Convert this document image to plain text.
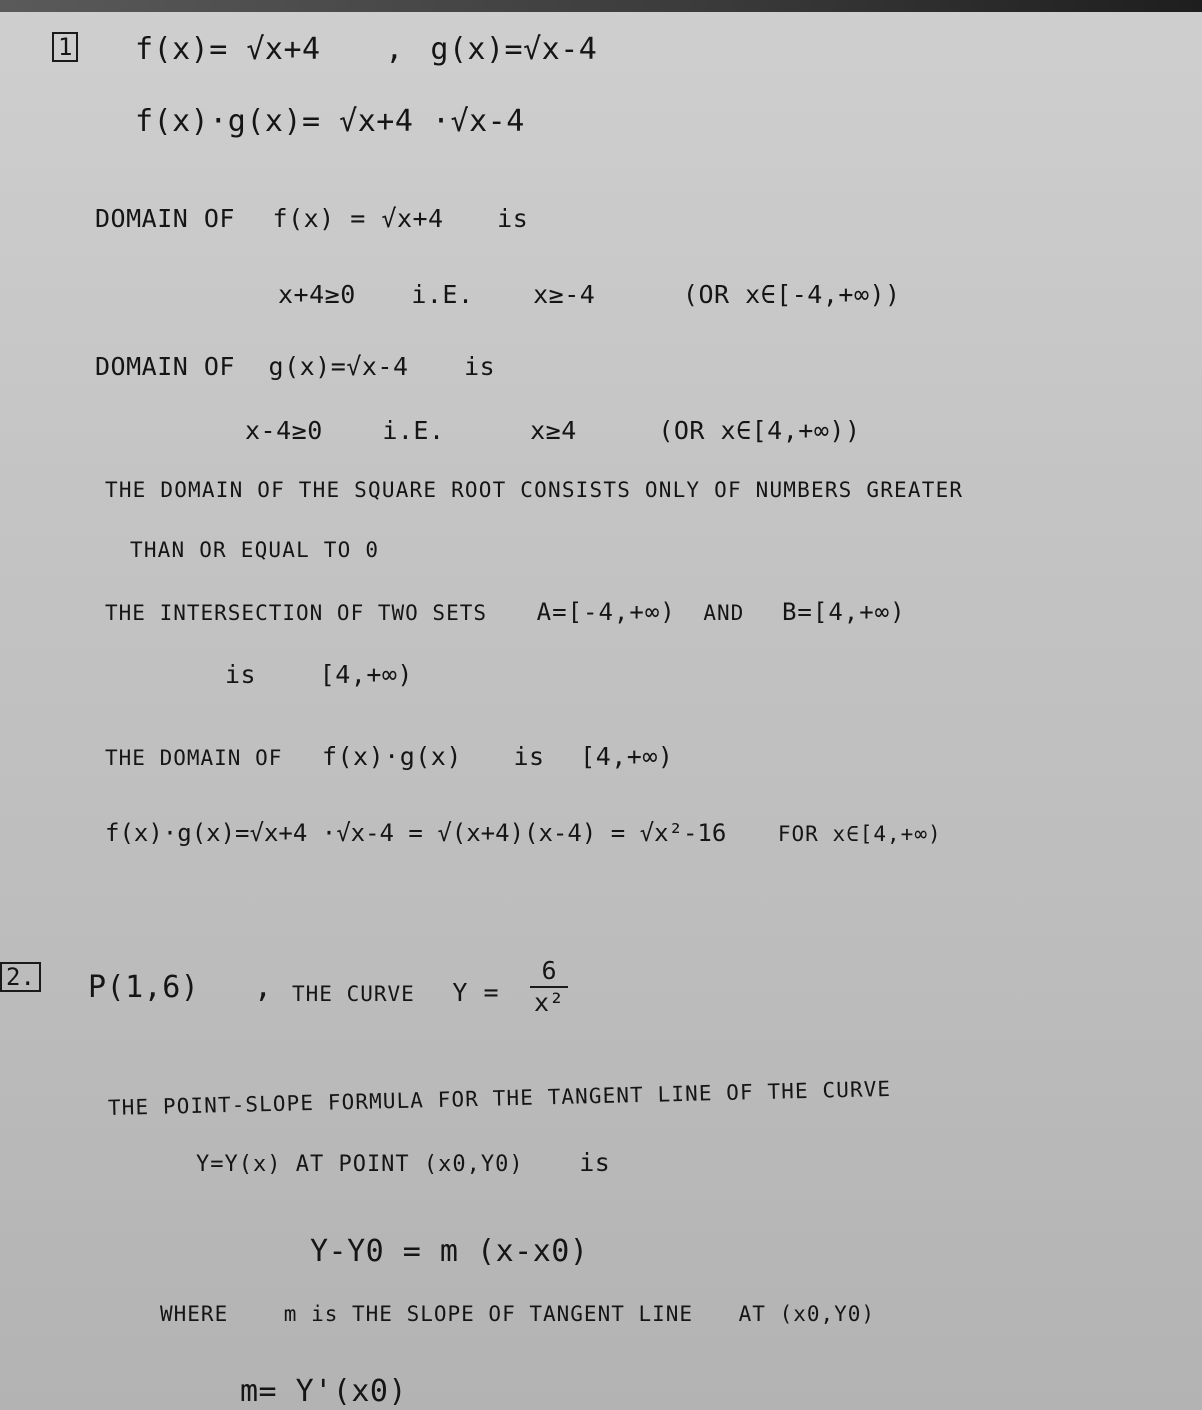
1 f(x)= √x+4 , g(x)=√x-4
f(x)·g(x)= √x+4 ·√x-4
DOMAIN OF f(x) = √x+4 is
x+4≥0 i.E. x≥-4	(OR x∈[-4,+∞))
DOMAIN OF g(x)=√x-4 is
x-4≥0 i.E.	x≥4	(OR x∈[4,+∞))
THE DOMAIN OF THE SQUARE ROOT CONSISTS ONLY OF NUMBERS GREATER
THAN OR EQUAL TO 0
THE INTERSECTION OF TWO SETS A=[-4,+∞) AND B=[4,+∞)
is	[4,+∞)
THE DOMAIN OF f(x)·g(x) is [4,+∞)
f(x)·g(x)=√x+4 ·√x-4 = √(x+4)(x-4) = √x²-16 FOR x∈[4,+∞)
2. P(1,6) , THE CURVE $Y = \frac{6}{\text{x²}}$
THE POINT-SLOPE FORMULA FOR THE TANGENT LINE OF THE CURVE
Y=Y(x) AT POINT (x0,Y0) is
Y-Y0 = m (x-x0)
WHERE	m is THE SLOPE OF TANGENT LINE AT (x0,Y0)
m= Y'(x0)
